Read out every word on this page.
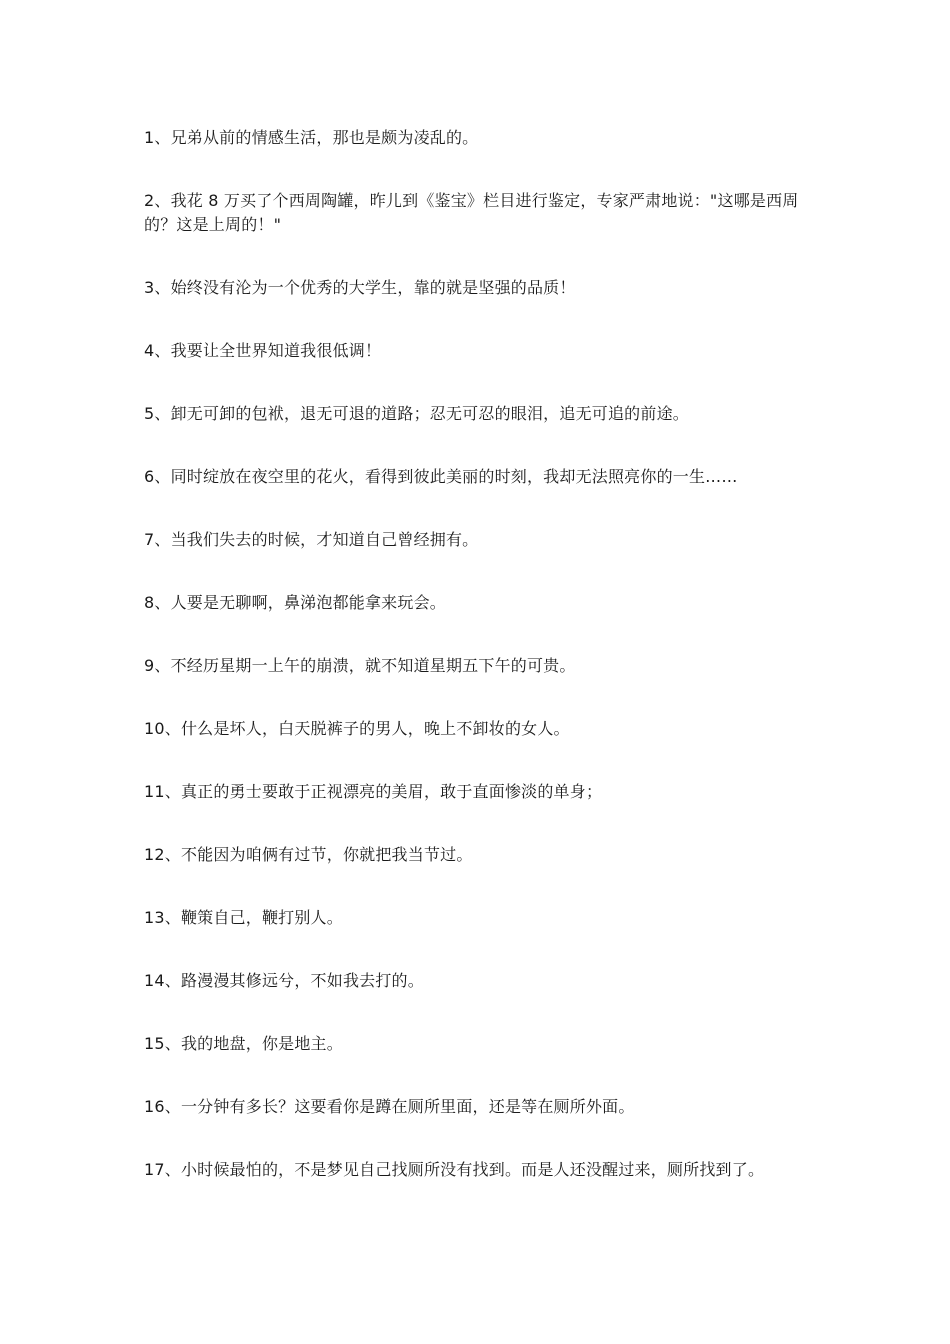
1、兄弟从前的情感生活，那也是颇为凌乱的。

2、我花 8 万买了个西周陶罐，昨儿到《鉴宝》栏目进行鉴定，专家严肃地说："这哪是西周的？这是上周的！"

3、始终没有沦为一个优秀的大学生，靠的就是坚强的品质！

4、我要让全世界知道我很低调！

5、卸无可卸的包袱，退无可退的道路；忍无可忍的眼泪，追无可追的前途。

6、同时绽放在夜空里的花火，看得到彼此美丽的时刻，我却无法照亮你的一生……

7、当我们失去的时候，才知道自己曾经拥有。

8、人要是无聊啊，鼻涕泡都能拿来玩会。

9、不经历星期一上午的崩溃，就不知道星期五下午的可贵。

10、什么是坏人，白天脱裤子的男人，晚上不卸妆的女人。

11、真正的勇士要敢于正视漂亮的美眉，敢于直面惨淡的单身；

12、不能因为咱俩有过节，你就把我当节过。

13、鞭策自己，鞭打别人。

14、路漫漫其修远兮，不如我去打的。

15、我的地盘，你是地主。

16、一分钟有多长？这要看你是蹲在厕所里面，还是等在厕所外面。

17、小时候最怕的，不是梦见自己找厕所没有找到。而是人还没醒过来，厕所找到了。
